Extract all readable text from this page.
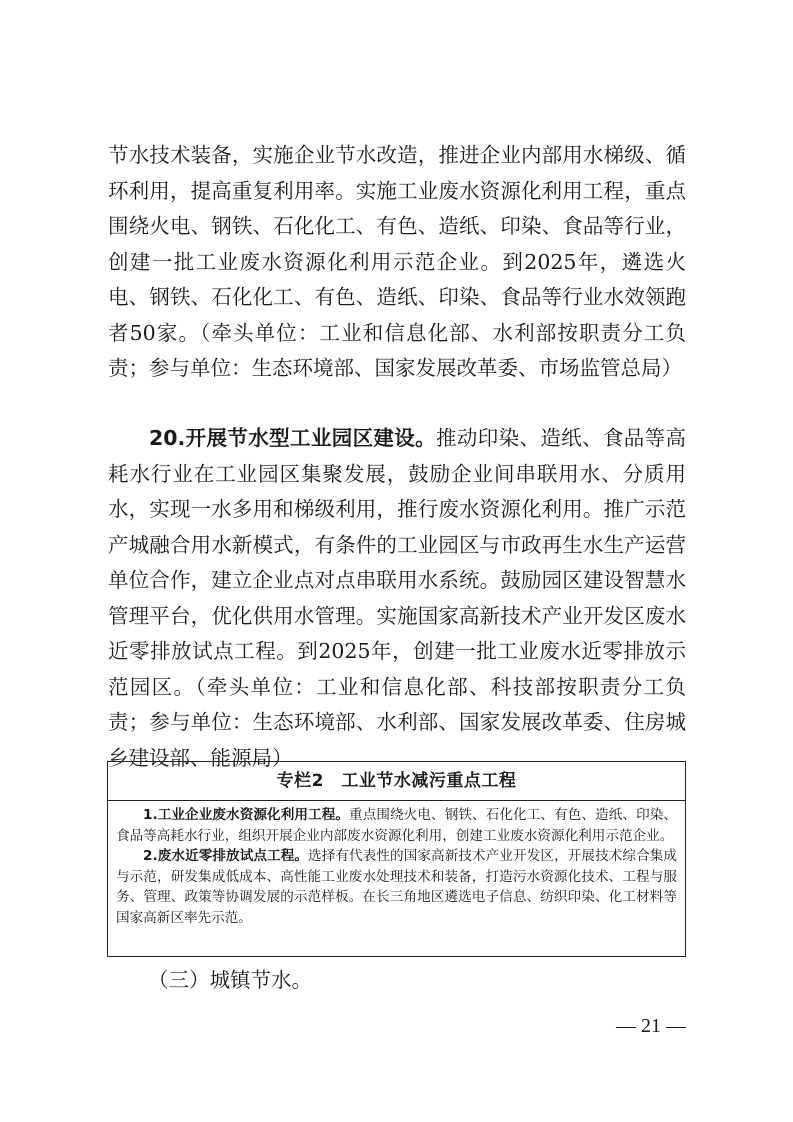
节水技术装备，实施企业节水改造，推进企业内部用水梯级、循环利用，提高重复利用率。实施工业废水资源化利用工程，重点围绕火电、钢铁、石化化工、有色、造纸、印染、食品等行业，创建一批工业废水资源化利用示范企业。到2025年，遴选火电、钢铁、石化化工、有色、造纸、印染、食品等行业水效领跑者50家。（牵头单位：工业和信息化部、水利部按职责分工负责；参与单位：生态环境部、国家发展改革委、市场监管总局）

20.开展节水型工业园区建设。推动印染、造纸、食品等高耗水行业在工业园区集聚发展，鼓励企业间串联用水、分质用水，实现一水多用和梯级利用，推行废水资源化利用。推广示范产城融合用水新模式，有条件的工业园区与市政再生水生产运营单位合作，建立企业点对点串联用水系统。鼓励园区建设智慧水管理平台，优化供用水管理。实施国家高新技术产业开发区废水近零排放试点工程。到2025年，创建一批工业废水近零排放示范园区。（牵头单位：工业和信息化部、科技部按职责分工负责；参与单位：生态环境部、水利部、国家发展改革委、住房城乡建设部、能源局）

专栏2　工业节水减污重点工程

1.工业企业废水资源化利用工程。重点围绕火电、钢铁、石化化工、有色、造纸、印染、食品等高耗水行业，组织开展企业内部废水资源化利用，创建工业废水资源化利用示范企业。

2.废水近零排放试点工程。选择有代表性的国家高新技术产业开发区，开展技术综合集成与示范，研发集成低成本、高性能工业废水处理技术和装备，打造污水资源化技术、工程与服务、管理、政策等协调发展的示范样板。在长三角地区遴选电子信息、纺织印染、化工材料等国家高新区率先示范。

（三）城镇节水。

— 21 —
